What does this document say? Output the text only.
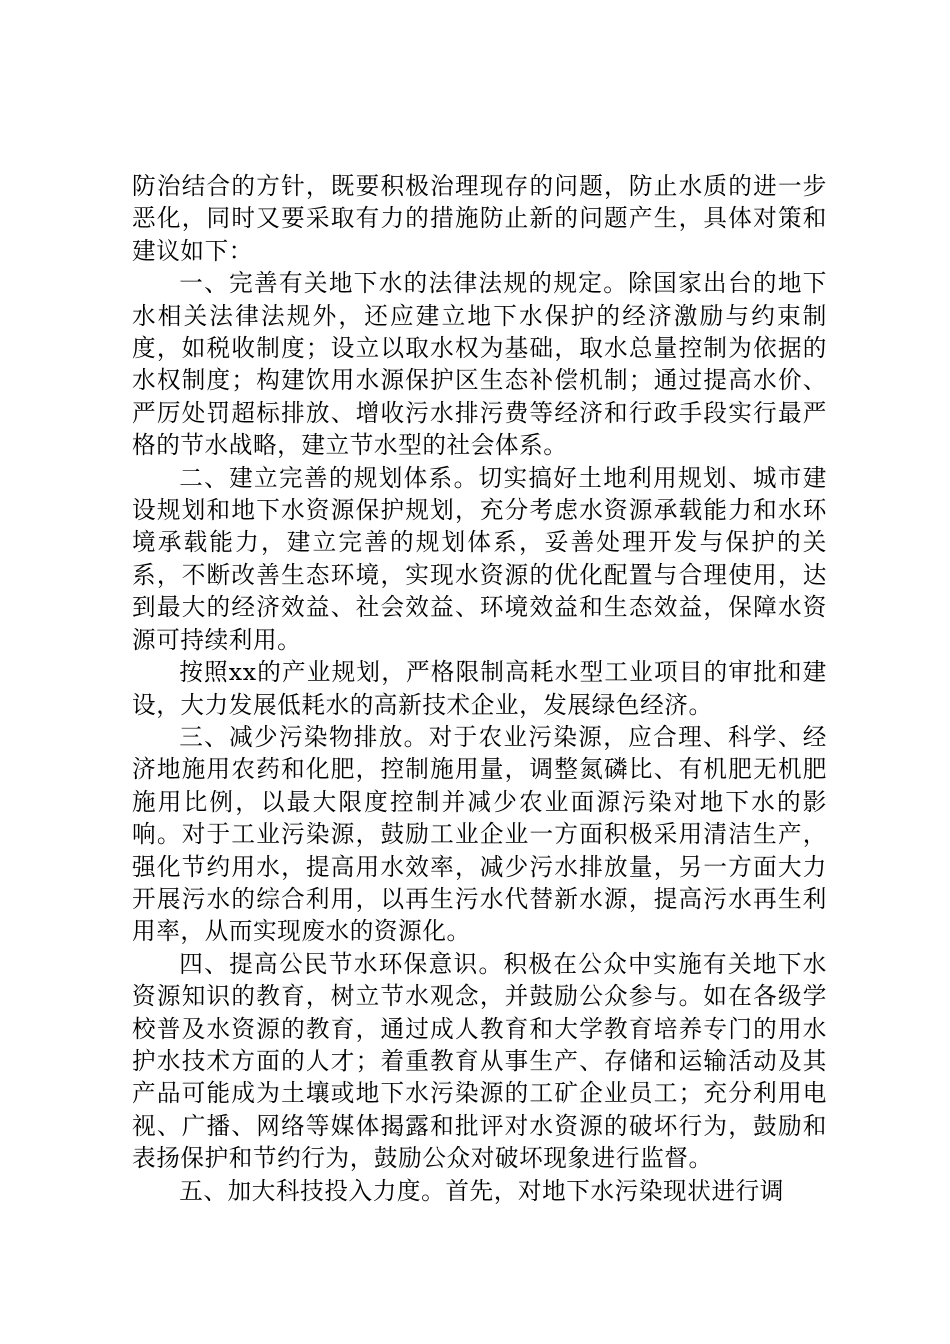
防治结合的方针，既要积极治理现存的问题，防止水质的进一步恶化，同时又要采取有力的措施防止新的问题产生，具体对策和建议如下：

一、完善有关地下水的法律法规的规定。除国家出台的地下水相关法律法规外，还应建立地下水保护的经济激励与约束制度，如税收制度；设立以取水权为基础，取水总量控制为依据的水权制度；构建饮用水源保护区生态补偿机制；通过提高水价、严厉处罚超标排放、增收污水排污费等经济和行政手段实行最严格的节水战略，建立节水型的社会体系。

二、建立完善的规划体系。切实搞好土地利用规划、城市建设规划和地下水资源保护规划，充分考虑水资源承载能力和水环境承载能力，建立完善的规划体系，妥善处理开发与保护的关系，不断改善生态环境，实现水资源的优化配置与合理使用，达到最大的经济效益、社会效益、环境效益和生态效益，保障水资源可持续利用。

按照xx的产业规划，严格限制高耗水型工业项目的审批和建设，大力发展低耗水的高新技术企业，发展绿色经济。

三、减少污染物排放。对于农业污染源，应合理、科学、经济地施用农药和化肥，控制施用量，调整氮磷比、有机肥无机肥施用比例，以最大限度控制并减少农业面源污染对地下水的影响。对于工业污染源，鼓励工业企业一方面积极采用清洁生产，强化节约用水，提高用水效率，减少污水排放量，另一方面大力开展污水的综合利用，以再生污水代替新水源，提高污水再生利用率，从而实现废水的资源化。

四、提高公民节水环保意识。积极在公众中实施有关地下水资源知识的教育，树立节水观念，并鼓励公众参与。如在各级学校普及水资源的教育，通过成人教育和大学教育培养专门的用水护水技术方面的人才；着重教育从事生产、存储和运输活动及其产品可能成为土壤或地下水污染源的工矿企业员工；充分利用电视、广播、网络等媒体揭露和批评对水资源的破坏行为，鼓励和表扬保护和节约行为，鼓励公众对破坏现象进行监督。

五、加大科技投入力度。首先，对地下水污染现状进行调
